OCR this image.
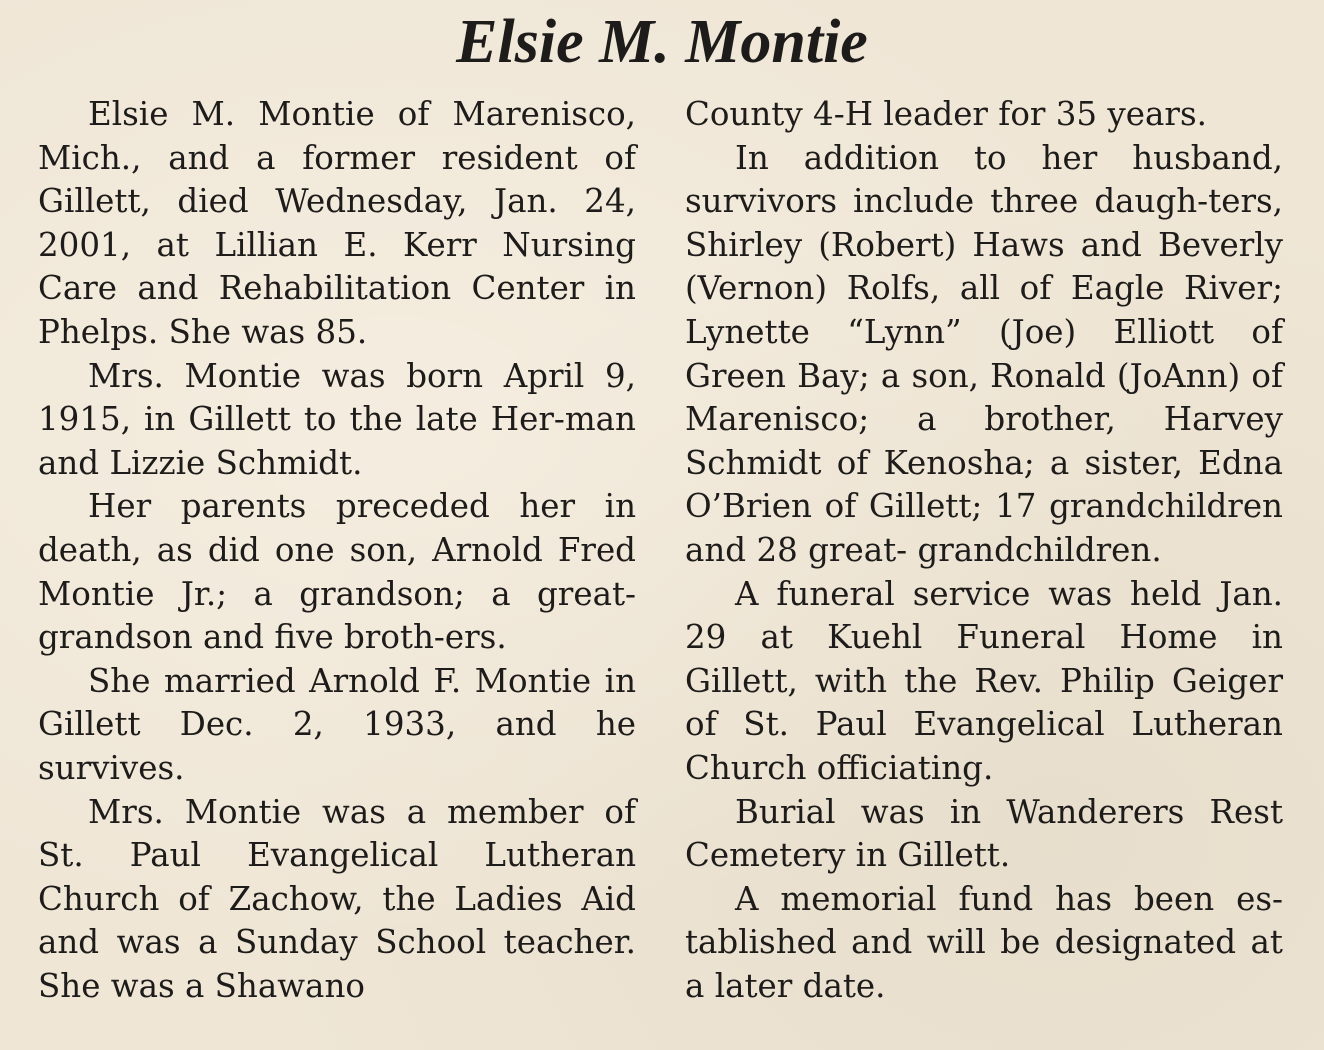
Elsie M. Montie

Elsie M. Montie of Marenisco, Mich., and a former resident of Gillett, died Wednesday, Jan. 24, 2001, at Lillian E. Kerr Nursing Care and Rehabilitation Center in Phelps. She was 85.

Mrs. Montie was born April 9, 1915, in Gillett to the late Her-man and Lizzie Schmidt.

Her parents preceded her in death, as did one son, Arnold Fred Montie Jr.; a grandson; a great-grandson and five broth-ers.

She married Arnold F. Montie in Gillett Dec. 2, 1933, and he survives.

Mrs. Montie was a member of St. Paul Evangelical Lutheran Church of Zachow, the Ladies Aid and was a Sunday School teacher. She was a Shawano

County 4-H leader for 35 years.

In addition to her husband, survivors include three daugh-ters, Shirley (Robert) Haws and Beverly (Vernon) Rolfs, all of Eagle River; Lynette “Lynn” (Joe) Elliott of Green Bay; a son, Ronald (JoAnn) of Marenisco; a brother, Harvey Schmidt of Kenosha; a sister, Edna O’Brien of Gillett; 17 grandchildren and 28 great- grandchildren.

A funeral service was held Jan. 29 at Kuehl Funeral Home in Gillett, with the Rev. Philip Geiger of St. Paul Evangelical Lutheran Church officiating.

Burial was in Wanderers Rest Cemetery in Gillett.

A memorial fund has been es-tablished and will be designated at a later date.
